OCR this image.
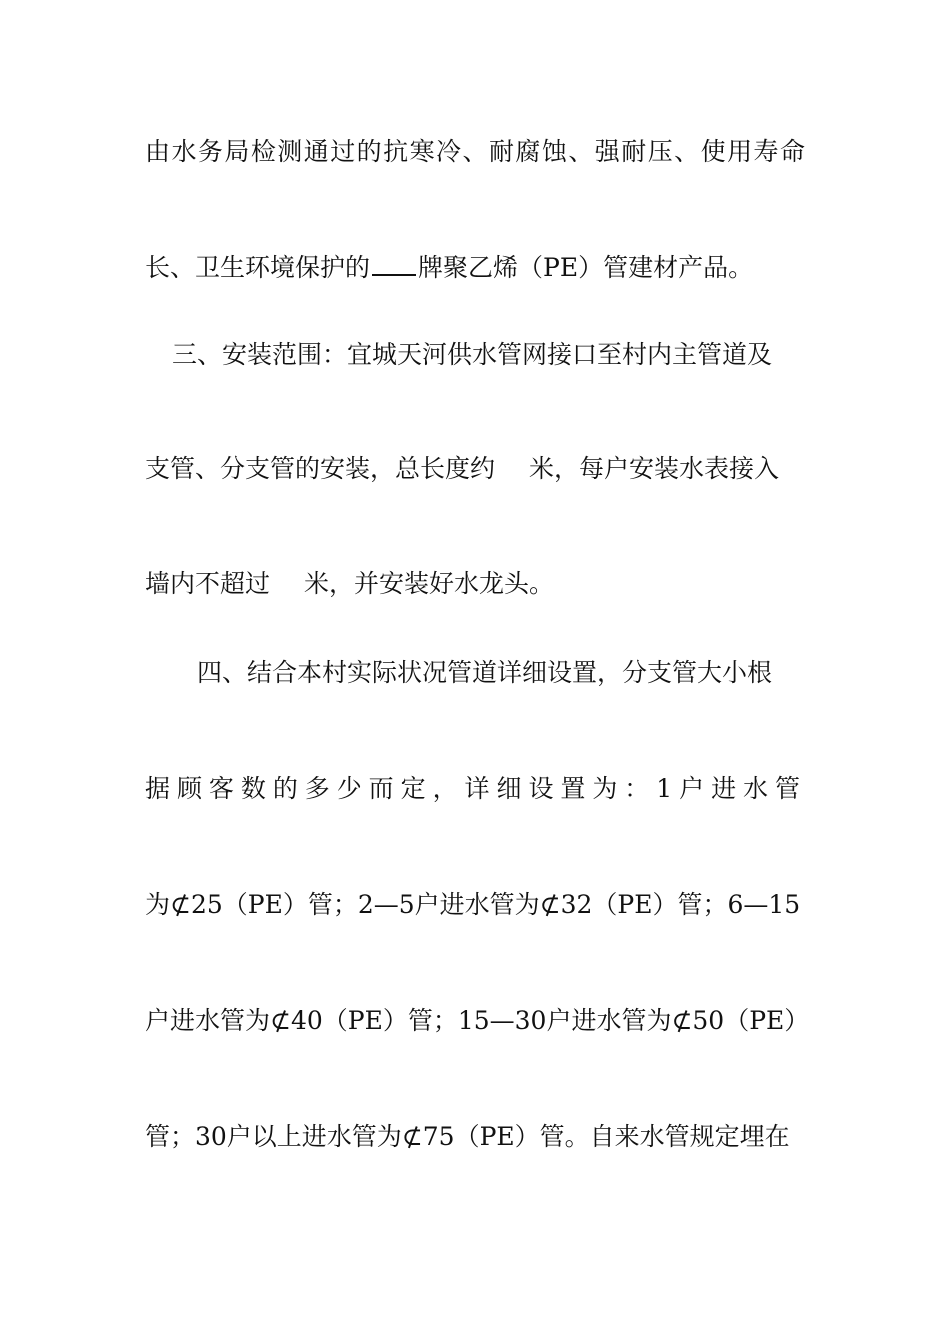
由水务局检测通过的抗寒冷、耐腐蚀、强耐压、使用寿命
长、卫生环境保护的 牌聚乙烯（PE）管建材产品。
三、安装范围：宜城天河供水管网接口至村内主管道及
支管、分支管的安装，总长度约 米，每户安装水表接入
墙内不超过 米，并安装好水龙头。
四、结合本村实际状况管道详细设置，分支管大小根
据顾客数的多少而定，详细设置为：1户进水管
为⊄25（PE）管；2—5户进水管为⊄32（PE）管；6—15
户进水管为⊄40（PE）管；15—30户进水管为⊄50（PE）
管；30户以上进水管为⊄75（PE）管。自来水管规定埋在
